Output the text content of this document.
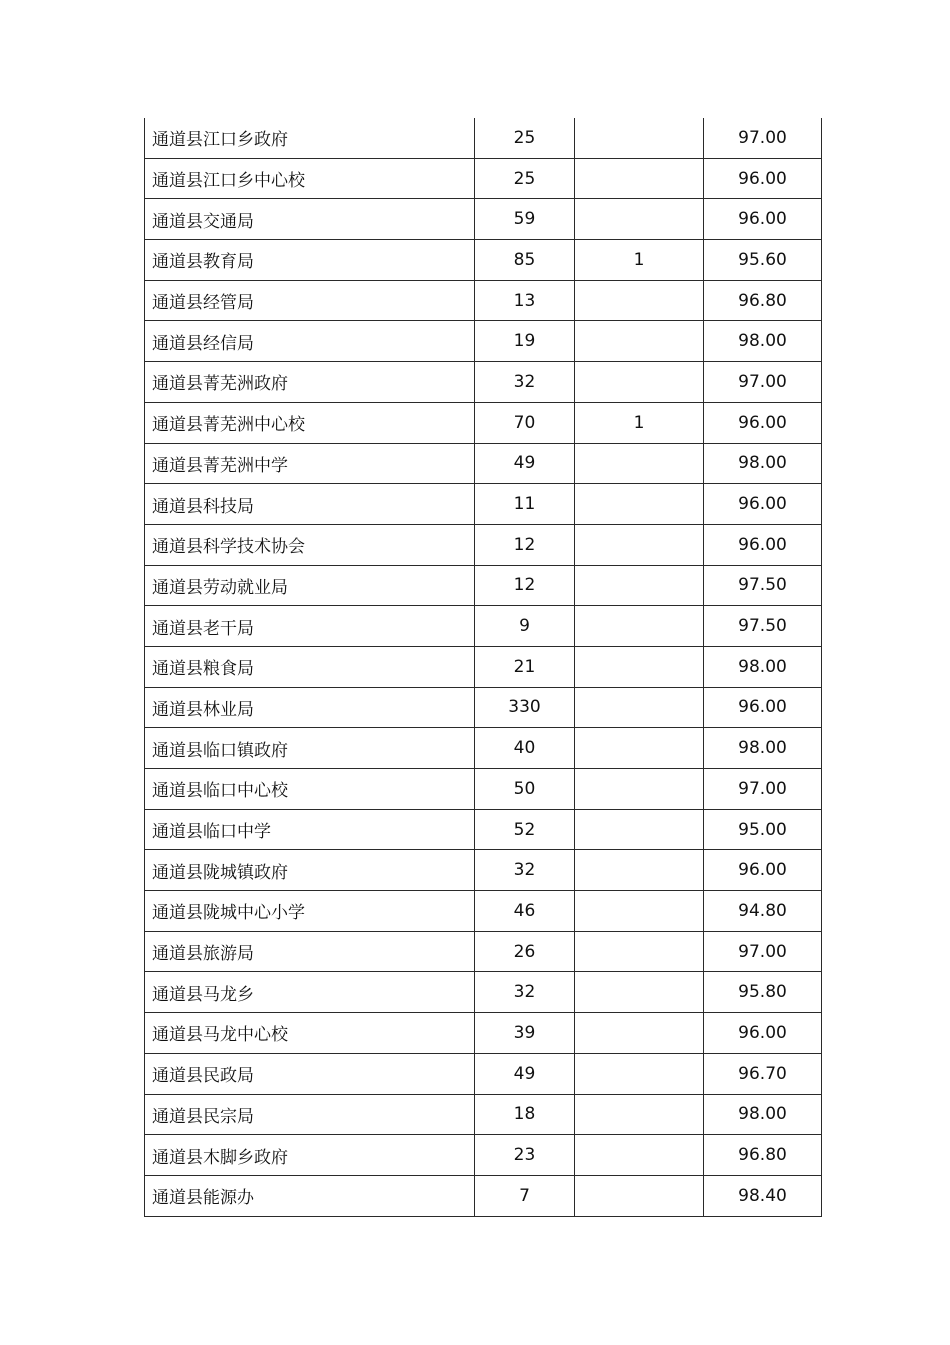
通道县江口乡政府	25		97.00
通道县江口乡中心校	25		96.00
通道县交通局	59		96.00
通道县教育局	85	1	95.60
通道县经管局	13		96.80
通道县经信局	19		98.00
通道县菁芜洲政府	32		97.00
通道县菁芜洲中心校	70	1	96.00
通道县菁芜洲中学	49		98.00
通道县科技局	11		96.00
通道县科学技术协会	12		96.00
通道县劳动就业局	12		97.50
通道县老干局	9		97.50
通道县粮食局	21		98.00
通道县林业局	330		96.00
通道县临口镇政府	40		98.00
通道县临口中心校	50		97.00
通道县临口中学	52		95.00
通道县陇城镇政府	32		96.00
通道县陇城中心小学	46		94.80
通道县旅游局	26		97.00
通道县马龙乡	32		95.80
通道县马龙中心校	39		96.00
通道县民政局	49		96.70
通道县民宗局	18		98.00
通道县木脚乡政府	23		96.80
通道县能源办	7		98.40
